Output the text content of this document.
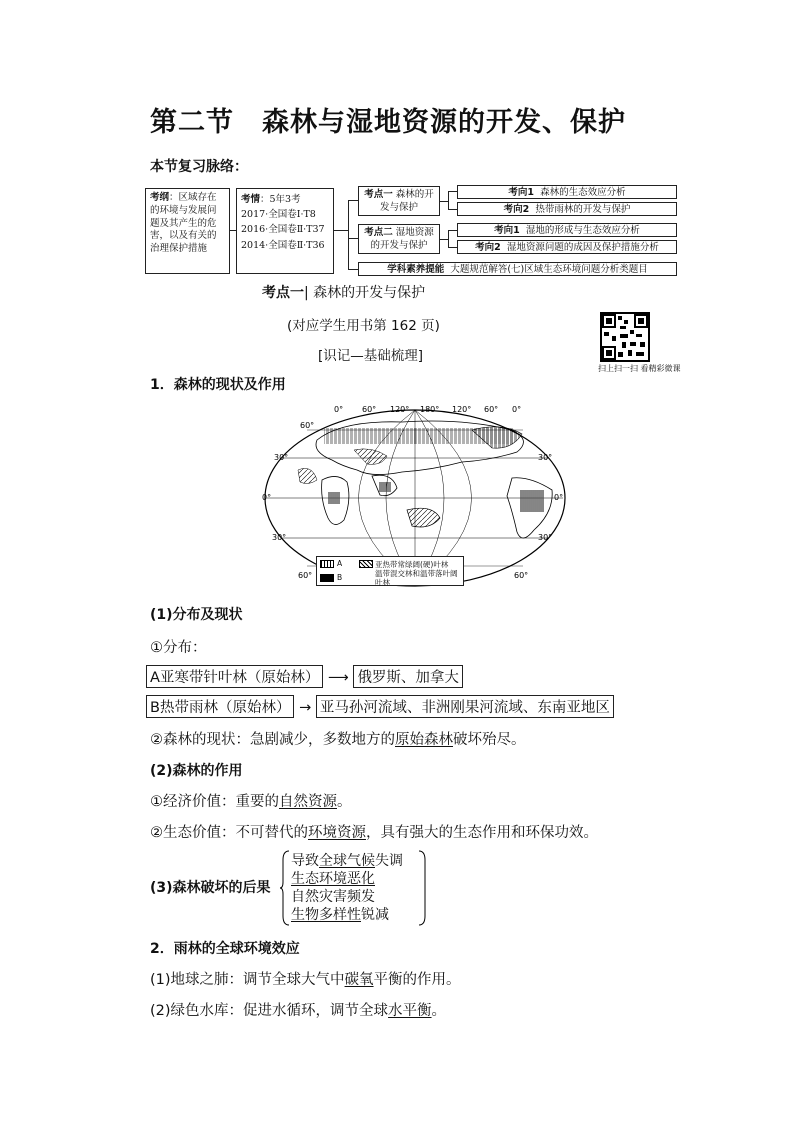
第二节　森林与湿地资源的开发、保护
本节复习脉络：
考纲：区域存在的环境与发展问题及其产生的危害，以及有关的治理保护措施
考情：5年3考
2017·全国卷Ⅰ·T8
2016·全国卷Ⅱ·T37
2014·全国卷Ⅱ·T36
考点一 森林的开发与保护
考点二 湿地资源的开发与保护
考向1 森林的生态效应分析
考向2 热带雨林的开发与保护
考向1 湿地的形成与生态效应分析
考向2 湿地资源问题的成因及保护措施分析
学科素养提能 大题规范解答(七)区域生态环境问题分析类题目
考点一| 森林的开发与保护
(对应学生用书第 162 页)
[识记—基础梳理]
扫上扫一扫 看精彩微课
1．森林的现状及作用
0° 60° 120° 180° 120° 60° 0°
60°
30°
0°
30°
60°
30°
0°
30°
60°
A
B
亚热带常绿阔(硬)叶林
温带混交林和温带落叶阔叶林
(1)分布及现状
①分布：
A亚寒带针叶林（原始林） ⟶ 俄罗斯、加拿大
B热带雨林（原始林） → 亚马孙河流域、非洲刚果河流域、东南亚地区
②森林的现状：急剧减少，多数地方的原始森林破坏殆尽。
(2)森林的作用
①经济价值：重要的自然资源。
②生态价值：不可替代的环境资源，具有强大的生态作用和环保功效。
(3)森林破坏的后果
导致全球气候失调
生态环境恶化
自然灾害频发
生物多样性锐减
2．雨林的全球环境效应
(1)地球之肺：调节全球大气中碳氧平衡的作用。
(2)绿色水库：促进水循环，调节全球水平衡。
